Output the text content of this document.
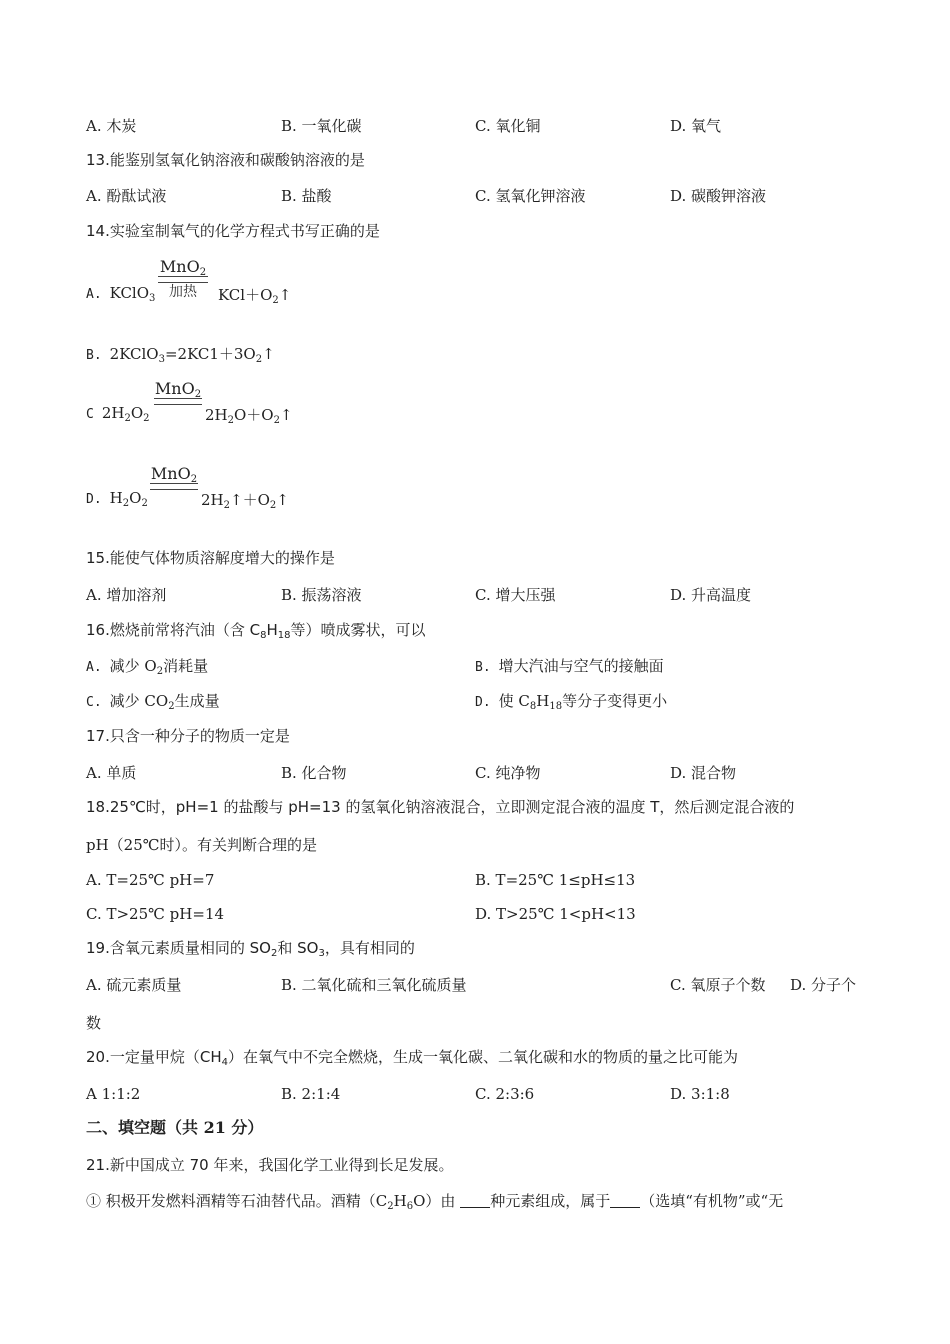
A. 木炭	B. 一氧化碳	C. 氧化铜	D. 氧气
13.能鉴别氢氧化钠溶液和碳酸钠溶液的是
A. 酚酞试液	B. 盐酸	C. 氢氧化钾溶液	D. 碳酸钾溶液
14.实验室制氧气的化学方程式书写正确的是
A. KClO$_3$
MnO$_2$
加热	$KCl+O_2↑$
B. $2KClO_3=2KC1+3O_2↑$
C $2H_2O_2$
MnO$_2$
$2H_2O+O_2↑$
D. $H_2O_2$
MnO$_2$
$2H_2↑+O_2↑$
15.能使气体物质溶解度增大的操作是
A. 增加溶剂	B. 振荡溶液	C. 增大压强	D. 升高温度
16.燃烧前常将汽油（含 $C_8H_{18}$等）喷成雾状，可以
A. 减少 $O_2$消耗量	B. 增大汽油与空气的接触面
C. 减少 $CO_2$生成量	D. 使 $C_8H_{18}$等分子变得更小
17.只含一种分子的物质一定是
A. 单质	B. 化合物	C. 纯净物	D. 混合物
18.25℃时，pH=1 的盐酸与 pH=13 的氢氧化钠溶液混合，立即测定混合液的温度 T，然后测定混合液的
pH（25℃时）。有关判断合理的是
A. T=25℃ pH=7	B. T=25℃ 1≤pH≤13
C. T>25℃ pH=14	D. T>25℃ 1<pH<13
19.含氧元素质量相同的 $SO_2$和 $SO_3$，具有相同的
A. 硫元素质量	B. 二氧化硫和三氧化硫质量	C. 氧原子个数 D. 分子个
数
20.一定量甲烷$(CH_4)$在氧气中不完全燃烧，生成一氧化碳、二氧化碳和水的物质的量之比可能为
A 1:1:2	B. 2:1:4	C. 2:3:6	D. 3:1:8
二、填空题（共 21 分）
21.新中国成立 70 年来，我国化学工业得到长足发展。
① 积极开发燃料酒精等石油替代品。酒精$(C_2H_6O)$由 种元素组成，属于 （选填“有机物”或“无
